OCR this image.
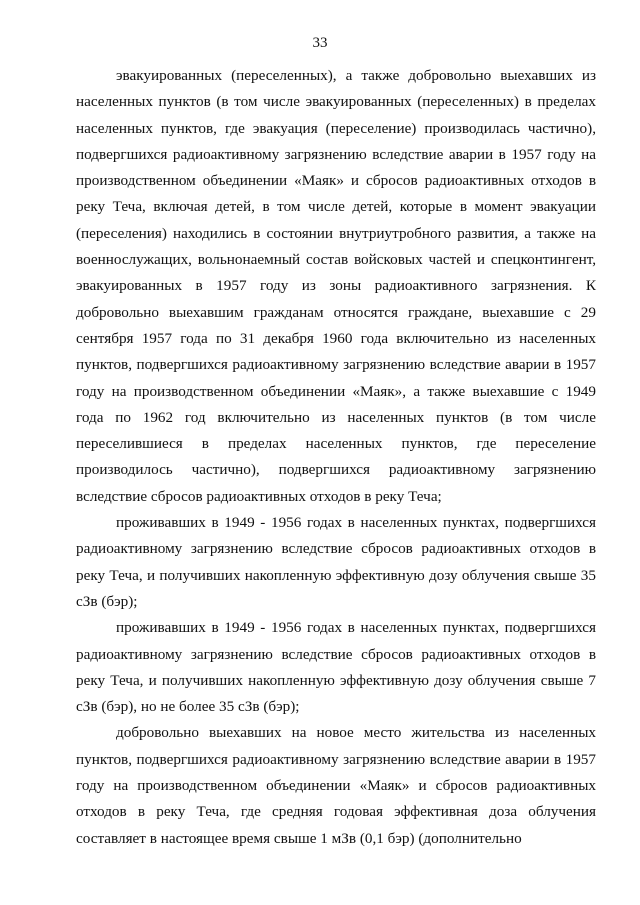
33

эвакуированных (переселенных), а также добровольно выехавших из населенных пунктов (в том числе эвакуированных (переселенных) в пределах населенных пунктов, где эвакуация (переселение) производилась частично), подвергшихся радиоактивному загрязнению вследствие аварии в 1957 году на производственном объединении «Маяк» и сбросов радиоактивных отходов в реку Теча, включая детей, в том числе детей, которые в момент эвакуации (переселения) находились в состоянии внутриутробного развития, а также на военнослужащих, вольнонаемный состав войсковых частей и спецконтингент, эвакуированных в 1957 году из зоны радиоактивного загрязнения. К добровольно выехавшим гражданам относятся граждане, выехавшие с 29 сентября 1957 года по 31 декабря 1960 года включительно из населенных пунктов, подвергшихся радиоактивному загрязнению вследствие аварии в 1957 году на производственном объединении «Маяк», а также выехавшие с 1949 года по 1962 год включительно из населенных пунктов (в том числе переселившиеся в пределах населенных пунктов, где переселение производилось частично), подвергшихся радиоактивному загрязнению вследствие сбросов радиоактивных отходов в реку Теча;

проживавших в 1949 - 1956 годах в населенных пунктах, подвергшихся радиоактивному загрязнению вследствие сбросов радиоактивных отходов в реку Теча, и получивших накопленную эффективную дозу облучения свыше 35 сЗв (бэр);

проживавших в 1949 - 1956 годах в населенных пунктах, подвергшихся радиоактивному загрязнению вследствие сбросов радиоактивных отходов в реку Теча, и получивших накопленную эффективную дозу облучения свыше 7 сЗв (бэр), но не более 35 сЗв (бэр);

добровольно выехавших на новое место жительства из населенных пунктов, подвергшихся радиоактивному загрязнению вследствие аварии в 1957 году на производственном объединении «Маяк» и сбросов радиоактивных отходов в реку Теча, где средняя годовая эффективная доза облучения составляет в настоящее время свыше 1 мЗв (0,1 бэр) (дополнительно
